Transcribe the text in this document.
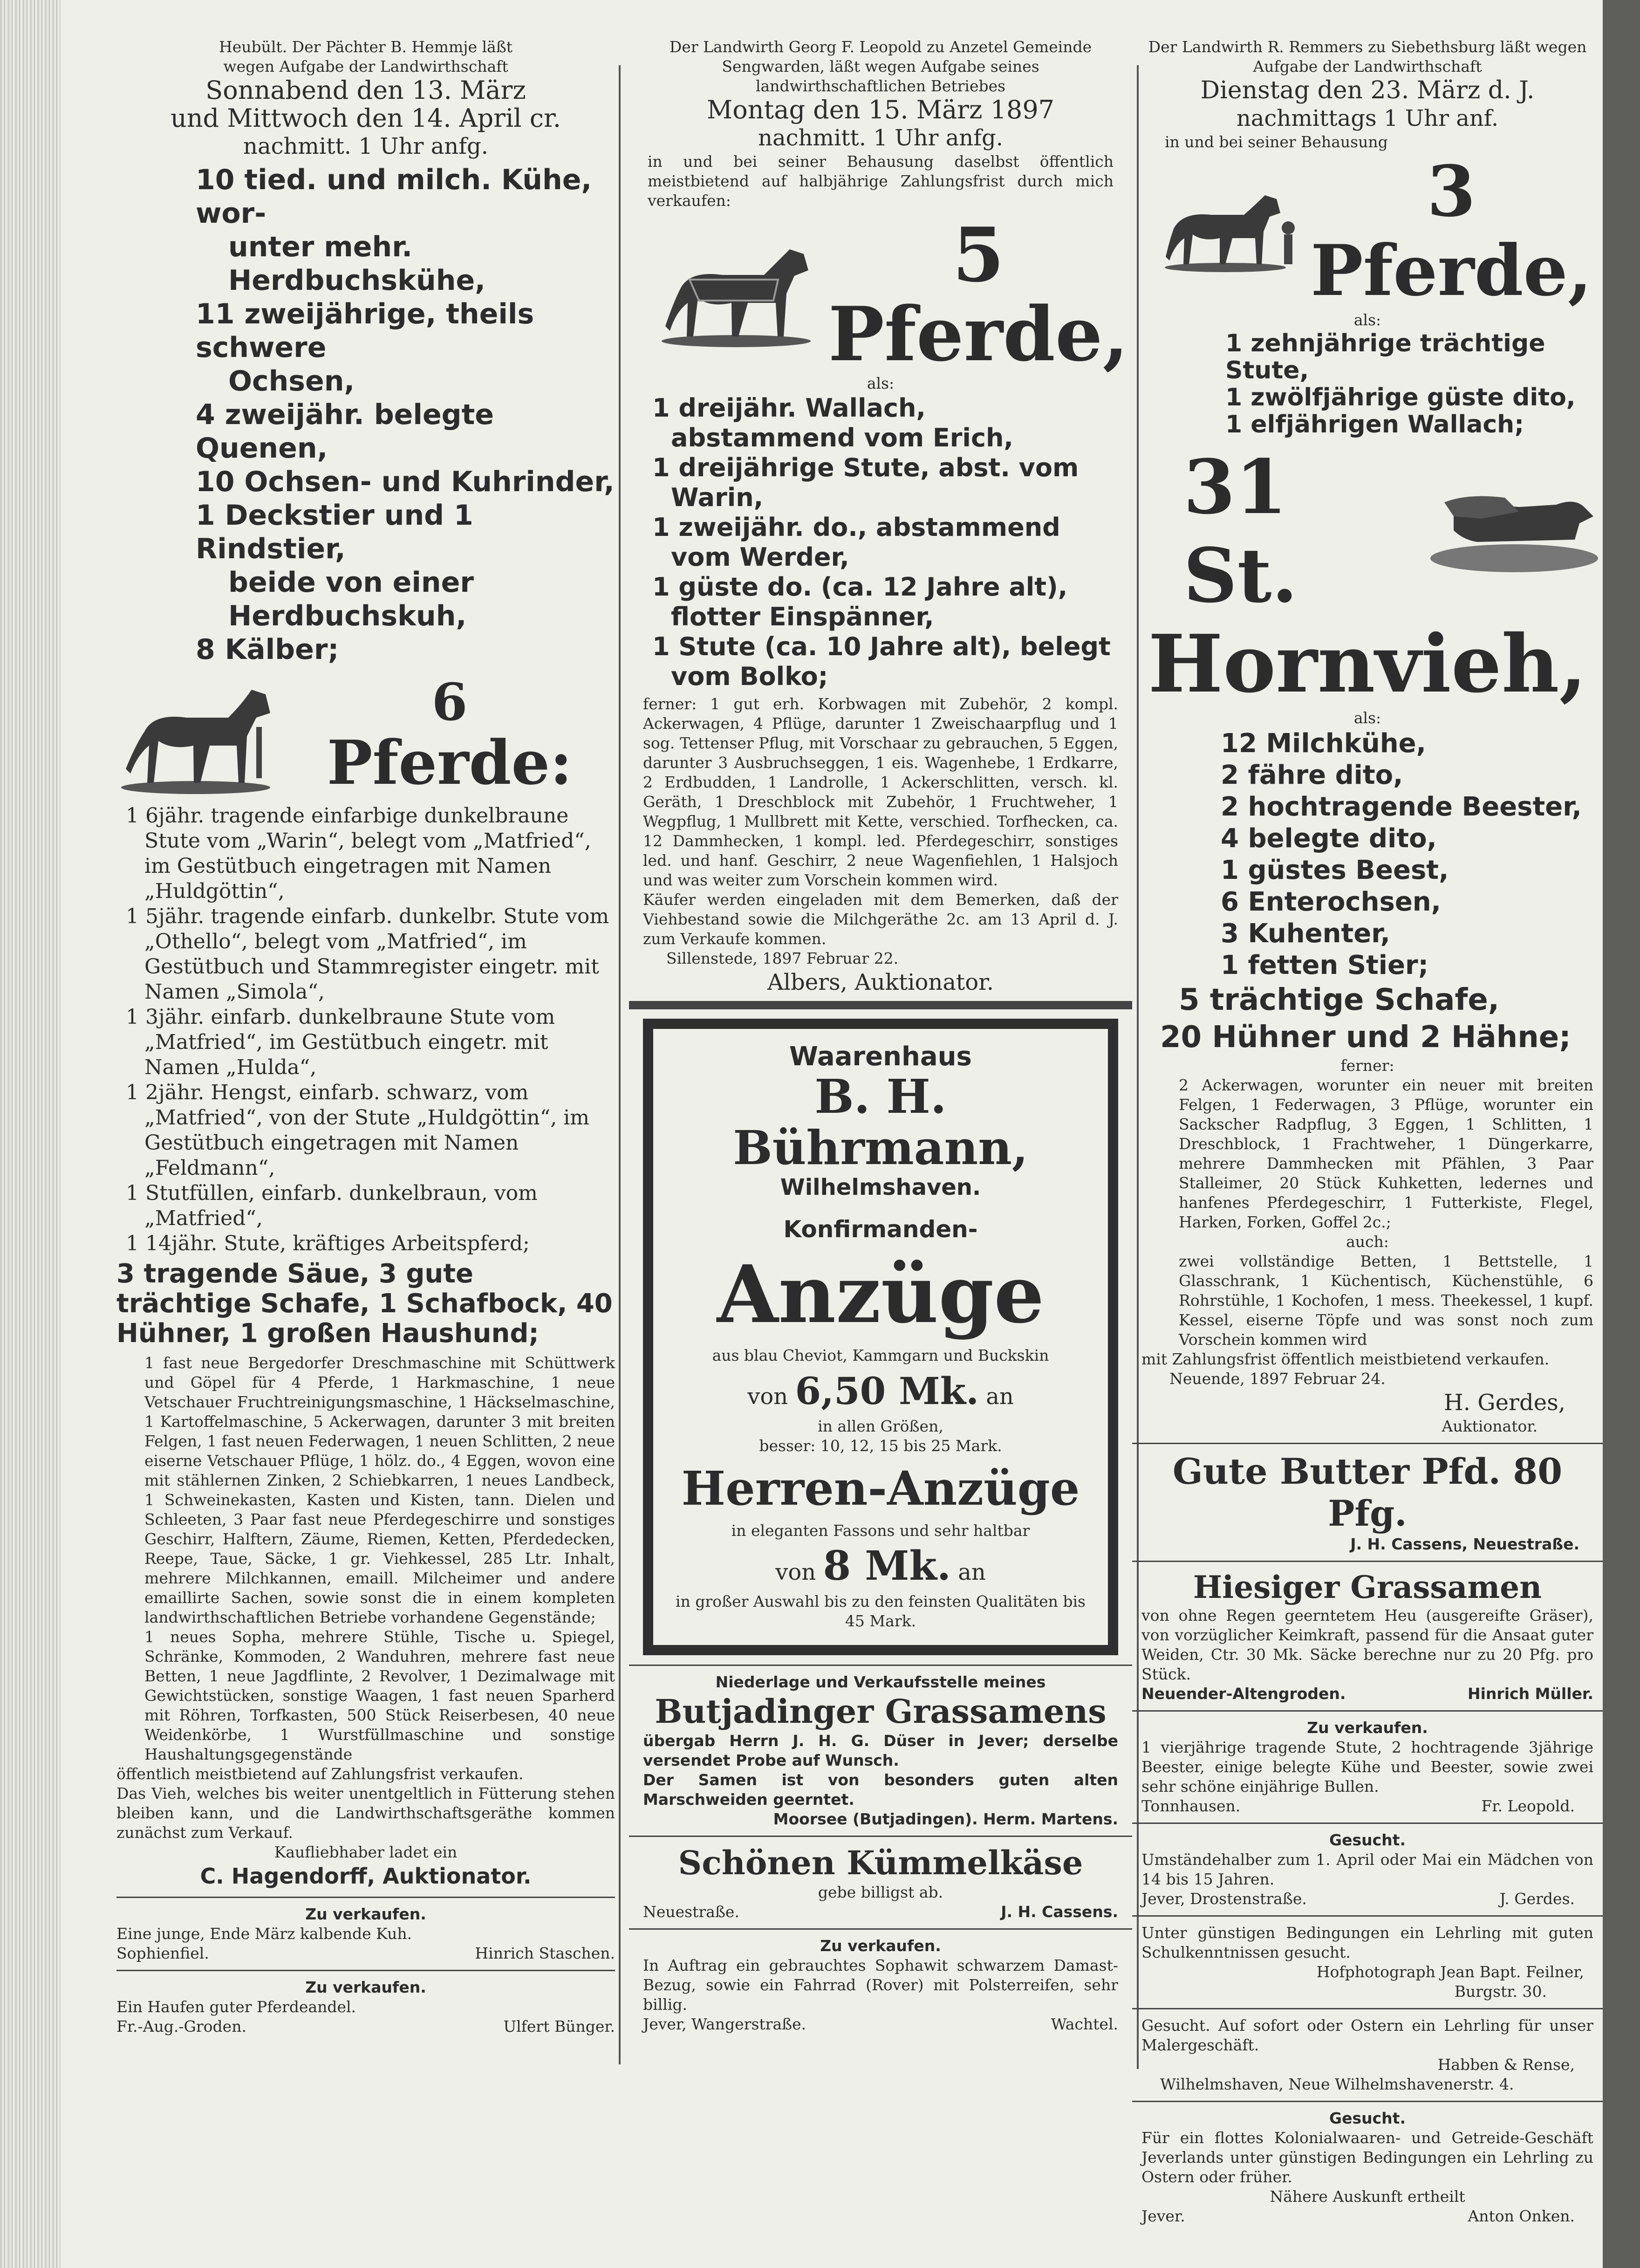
Heubült. Der Pächter B. Hemmje läßt

wegen Aufgabe der Landwirthschaft

Sonnabend den 13. März

und Mittwoch den 14. April cr.

nachmitt. 1 Uhr anfg.

10 tied. und milch. Kühe, wor-

unter mehr. Herdbuchskühe,

11 zweijährige, theils schwere

Ochsen,

4 zweijähr. belegte Quenen,

10 Ochsen- und Kuhrinder,

1 Deckstier und 1 Rindstier,

beide von einer Herdbuchskuh,

8 Kälber;

6

Pferde:

1 6jähr. tragende einfarbige dunkelbraune Stute vom „Warin“, belegt vom „Matfried“, im Gestütbuch eingetragen mit Namen „Huldgöttin“,

1 5jähr. tragende einfarb. dunkelbr. Stute vom „Othello“, belegt vom „Matfried“, im Gestütbuch und Stammregister eingetr. mit Namen „Simola“,

1 3jähr. einfarb. dunkelbraune Stute vom „Matfried“, im Gestütbuch eingetr. mit Namen „Hulda“,

1 2jähr. Hengst, einfarb. schwarz, vom „Matfried“, von der Stute „Huldgöttin“, im Gestütbuch eingetragen mit Namen „Feldmann“,

1 Stutfüllen, einfarb. dunkelbraun, vom „Matfried“,

1 14jähr. Stute, kräftiges Arbeitspferd;

3 tragende Säue, 3 gute trächtige Schafe, 1 Schafbock, 40 Hühner, 1 großen Haushund;

1 fast neue Bergedorfer Dreschmaschine mit Schüttwerk und Göpel für 4 Pferde, 1 Harkmaschine, 1 neue Vetschauer Fruchtreinigungsmaschine, 1 Häckselmaschine, 1 Kartoffelmaschine, 5 Ackerwagen, darunter 3 mit breiten Felgen, 1 fast neuen Federwagen, 1 neuen Schlitten, 2 neue eiserne Vetschauer Pflüge, 1 hölz. do., 4 Eggen, wovon eine mit stählernen Zinken, 2 Schiebkarren, 1 neues Landbeck, 1 Schweinekasten, Kasten und Kisten, tann. Dielen und Schleeten, 3 Paar fast neue Pferdegeschirre und sonstiges Geschirr, Halftern, Zäume, Riemen, Ketten, Pferdedecken, Reepe, Taue, Säcke, 1 gr. Viehkessel, 285 Ltr. Inhalt, mehrere Milchkannen, emaill. Milcheimer und andere emaillirte Sachen, sowie sonst die in einem kompleten landwirthschaftlichen Betriebe vorhandene Gegenstände;

1 neues Sopha, mehrere Stühle, Tische u. Spiegel, Schränke, Kommoden, 2 Wanduhren, mehrere fast neue Betten, 1 neue Jagdflinte, 2 Revolver, 1 Dezimalwage mit Gewichtstücken, sonstige Waagen, 1 fast neuen Sparherd mit Röhren, Torfkasten, 500 Stück Reiserbesen, 40 neue Weidenkörbe, 1 Wurstfüllmaschine und sonstige Haushaltungsgegenstände

öffentlich meistbietend auf Zahlungsfrist verkaufen.

Das Vieh, welches bis weiter unentgeltlich in Fütterung stehen bleiben kann, und die Landwirthschaftsgeräthe kommen zunächst zum Verkauf.

Kaufliebhaber ladet ein

C. Hagendorff, Auktionator.

Zu verkaufen.

Eine junge, Ende März kalbende Kuh.

Sophienfiel.	Hinrich Staschen.

Zu verkaufen.

Ein Haufen guter Pferdeandel.

Fr.-Aug.-Groden.	Ulfert Bünger.

Der Landwirth Georg F. Leopold zu Anzetel Gemeinde Sengwarden, läßt wegen Aufgabe seines landwirthschaftlichen Betriebes

Montag den 15. März 1897

nachmitt. 1 Uhr anfg.

in und bei seiner Behausung daselbst öffentlich meistbietend auf halbjährige Zahlungsfrist durch mich verkaufen:

5 Pferde,

als:

1 dreijähr. Wallach, abstammend vom Erich,

1 dreijährige Stute, abst. vom Warin,

1 zweijähr. do., abstammend vom Werder,

1 güste do. (ca. 12 Jahre alt), flotter Einspänner,

1 Stute (ca. 10 Jahre alt), belegt vom Bolko;

ferner: 1 gut erh. Korbwagen mit Zubehör, 2 kompl. Ackerwagen, 4 Pflüge, darunter 1 Zweischaarpflug und 1 sog. Tettenser Pflug, mit Vorschaar zu gebrauchen, 5 Eggen, darunter 3 Ausbruchseggen, 1 eis. Wagenhebe, 1 Erdkarre, 2 Erdbudden, 1 Landrolle, 1 Ackerschlitten, versch. kl. Geräth, 1 Dreschblock mit Zubehör, 1 Fruchtweher, 1 Wegpflug, 1 Mullbrett mit Kette, verschied. Torfhecken, ca. 12 Dammhecken, 1 kompl. led. Pferdegeschirr, sonstiges led. und hanf. Geschirr, 2 neue Wagenfiehlen, 1 Halsjoch und was weiter zum Vorschein kommen wird.

Käufer werden eingeladen mit dem Bemerken, daß der Viehbestand sowie die Milchgeräthe 2c. am 13 April d. J. zum Verkaufe kommen.

Sillenstede, 1897 Februar 22.

Albers, Auktionator.

Waarenhaus

B. H. Bührmann,

Wilhelmshaven.

Konfirmanden-

Anzüge

aus blau Cheviot, Kammgarn und Buckskin

von 6,50 Mk. an

in allen Größen,

besser: 10, 12, 15 bis 25 Mark.

Herren-Anzüge

in eleganten Fassons und sehr haltbar

von 8 Mk. an

in großer Auswahl bis zu den feinsten Qualitäten bis 45 Mark.

Niederlage und Verkaufsstelle meines

Butjadinger Grassamens

übergab Herrn J. H. G. Düser in Jever; derselbe versendet Probe auf Wunsch.

Der Samen ist von besonders guten alten Marschweiden geerntet.

Moorsee (Butjadingen). Herm. Martens.

Schönen Kümmelkäse

gebe billigst ab.

Neuestraße.	J. H. Cassens.

Zu verkaufen.

In Auftrag ein gebrauchtes Sophawit schwarzem Damast-Bezug, sowie ein Fahrrad (Rover) mit Polsterreifen, sehr billig.

Jever, Wangerstraße.	Wachtel.

Der Landwirth R. Remmers zu Siebethsburg läßt wegen Aufgabe der Landwirthschaft

Dienstag den 23. März d. J.

nachmittags 1 Uhr anf.

in und bei seiner Behausung

3 Pferde,

als:

1 zehnjährige trächtige Stute,

1 zwölfjährige güste dito,

1 elfjährigen Wallach;

31 St.

Hornvieh,

als:

12 Milchkühe,

2 fähre dito,

2 hochtragende Beester,

4 belegte dito,

1 güstes Beest,

6 Enterochsen,

3 Kuhenter,

1 fetten Stier;

5 trächtige Schafe,

20 Hühner und 2 Hähne;

ferner:

2 Ackerwagen, worunter ein neuer mit breiten Felgen, 1 Federwagen, 3 Pflüge, worunter ein Sackscher Radpflug, 3 Eggen, 1 Schlitten, 1 Dreschblock, 1 Frachtweher, 1 Düngerkarre, mehrere Dammhecken mit Pfählen, 3 Paar Stalleimer, 20 Stück Kuhketten, ledernes und hanfenes Pferdegeschirr, 1 Futterkiste, Flegel, Harken, Forken, Goffel 2c.;

auch:

zwei vollständige Betten, 1 Bettstelle, 1 Glasschrank, 1 Küchentisch, Küchenstühle, 6 Rohrstühle, 1 Kochofen, 1 mess. Theekessel, 1 kupf. Kessel, eiserne Töpfe und was sonst noch zum Vorschein kommen wird

mit Zahlungsfrist öffentlich meistbietend verkaufen.

Neuende, 1897 Februar 24.

H. Gerdes,

Auktionator.

Gute Butter Pfd. 80 Pfg.

J. H. Cassens, Neuestraße.

Hiesiger Grassamen

von ohne Regen geerntetem Heu (ausgereifte Gräser), von vorzüglicher Keimkraft, passend für die Ansaat guter Weiden, Ctr. 30 Mk. Säcke berechne nur zu 20 Pfg. pro Stück.

Neuender-Altengroden.	Hinrich Müller.

Zu verkaufen.

1 vierjährige tragende Stute, 2 hochtragende 3jährige Beester, einige belegte Kühe und Beester, sowie zwei sehr schöne einjährige Bullen.

Tonnhausen.	Fr. Leopold.

Gesucht.

Umständehalber zum 1. April oder Mai ein Mädchen von 14 bis 15 Jahren.

Jever, Drostenstraße.	J. Gerdes.

Unter günstigen Bedingungen ein Lehrling mit guten Schulkenntnissen gesucht.

Hofphotograph Jean Bapt. Feilner,

Burgstr. 30.

Gesucht. Auf sofort oder Ostern ein Lehrling für unser Malergeschäft.

Habben & Rense,

Wilhelmshaven, Neue Wilhelmshavenerstr. 4.

Gesucht.

Für ein flottes Kolonialwaaren- und Getreide-Geschäft Jeverlands unter günstigen Bedingungen ein Lehrling zu Ostern oder früher.

Nähere Auskunft ertheilt

Jever.	Anton Onken.
